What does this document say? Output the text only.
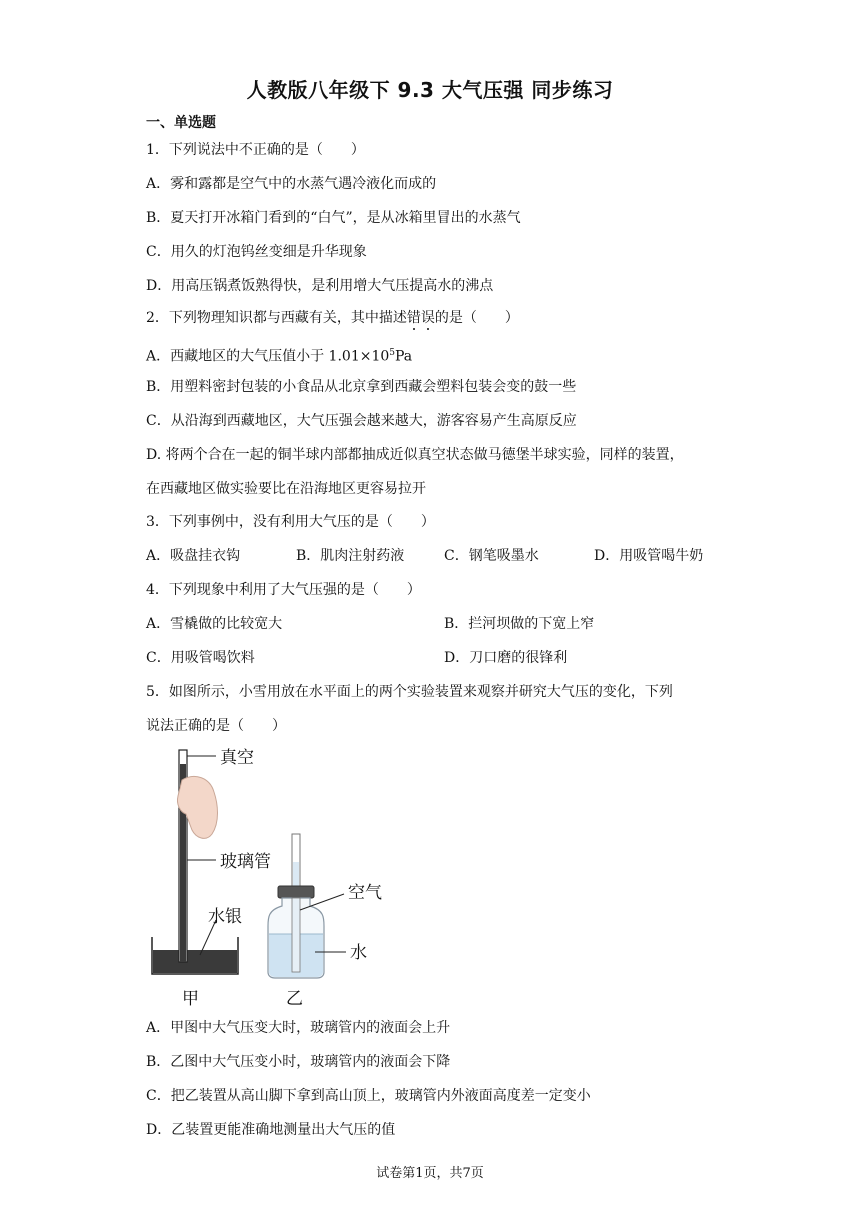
人教版八年级下 9.3 大气压强 同步练习
一、单选题
1．下列说法中不正确的是（　　）
A．雾和露都是空气中的水蒸气遇冷液化而成的
B．夏天打开冰箱门看到的“白气”，是从冰箱里冒出的水蒸气
C．用久的灯泡钨丝变细是升华现象
D．用高压锅煮饭熟得快，是利用增大气压提高水的沸点
2．下列物理知识都与西藏有关，其中描述错误的是（　　）
A．西藏地区的大气压值小于 $1.01\times 10^5Pa$
B．用塑料密封包装的小食品从北京拿到西藏会塑料包装会变的鼓一些
C．从沿海到西藏地区，大气压强会越来越大，游客容易产生高原反应
D. 将两个合在一起的铜半球内部都抽成近似真空状态做马德堡半球实验，同样的装置，
在西藏地区做实验要比在沿海地区更容易拉开
3．下列事例中，没有利用大气压的是（　　）
A．吸盘挂衣钩	B．肌肉注射药液	C．钢笔吸墨水	D．用吸管喝牛奶
4．下列现象中利用了大气压强的是（　　）
A．雪橇做的比较宽大	B．拦河坝做的下宽上窄
C．用吸管喝饮料	D．刀口磨的很锋利
5．如图所示，小雪用放在水平面上的两个实验装置来观察并研究大气压的变化，下列
说法正确的是（　　）
真空
玻璃管
水银
空气
水
甲	乙
A．甲图中大气压变大时，玻璃管内的液面会上升
B．乙图中大气压变小时，玻璃管内的液面会下降
C．把乙装置从高山脚下拿到高山顶上，玻璃管内外液面高度差一定变小
D．乙装置更能准确地测量出大气压的值
试卷第1页，共7页
